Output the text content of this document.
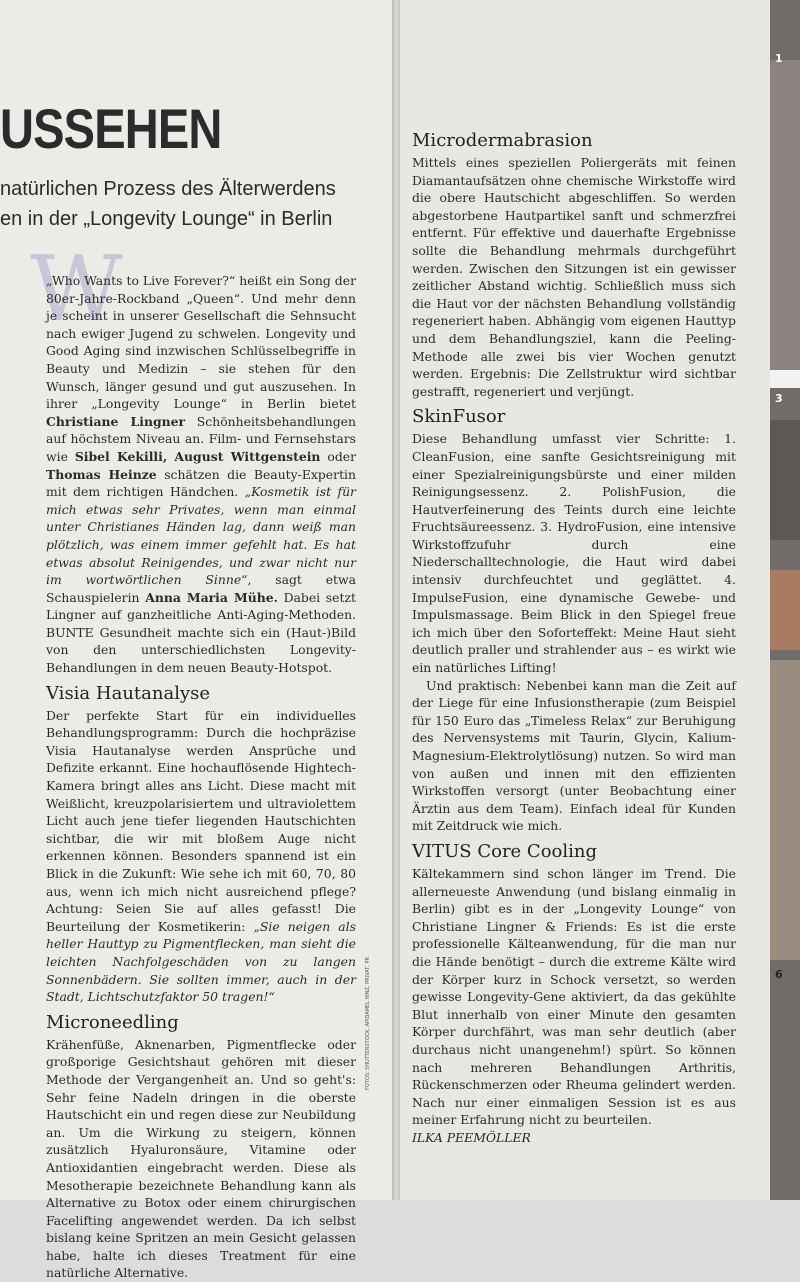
1
3
6
USSEHEN
natürlichen Prozess des Älterwerdens
en in der „Longevity Lounge“ in Berlin
W

„Who Wants to Live Forever?“ heißt ein Song der 80er-Jahre-Rockband „Queen“. Und mehr denn je scheint in unserer Gesellschaft die Sehnsucht nach ewiger Jugend zu schwelen. Longevity und Good Aging sind inzwischen Schlüsselbegriffe in Beauty und Medizin – sie stehen für den Wunsch, länger gesund und gut auszusehen. In ihrer „Longevity Lounge“ in Berlin bietet Christiane Lingner Schönheitsbehandlungen auf höchstem Niveau an. Film- und Fernsehstars wie Sibel Kekilli, August Wittgenstein oder Thomas Heinze schätzen die Beauty-Expertin mit dem richtigen Händchen. „Kosmetik ist für mich etwas sehr Privates, wenn man einmal unter Christianes Händen lag, dann weiß man plötzlich, was einem immer gefehlt hat. Es hat etwas absolut Reinigendes, und zwar nicht nur im wortwörtlichen Sinne“, sagt etwa Schauspielerin Anna Maria Mühe. Dabei setzt Lingner auf ganzheitliche Anti-Aging-Methoden. BUNTE Gesundheit machte sich ein (Haut-)Bild von den unterschiedlichsten Longevity-Behandlungen in dem neuen Beauty-Hotspot.

Visia Hautanalyse

Der perfekte Start für ein individuelles Behandlungsprogramm: Durch die hochpräzise Visia Hautanalyse werden Ansprüche und Defizite erkannt. Eine hochauflösende Hightech-Kamera bringt alles ans Licht. Diese macht mit Weißlicht, kreuzpolarisiertem und ultraviolettem Licht auch jene tiefer liegenden Hautschichten sichtbar, die wir mit bloßem Auge nicht erkennen können. Besonders spannend ist ein Blick in die Zukunft: Wie sehe ich mit 60, 70, 80 aus, wenn ich mich nicht ausreichend pflege? Achtung: Seien Sie auf alles gefasst! Die Beurteilung der Kosmetikerin: „Sie neigen als heller Hauttyp zu Pigmentflecken, man sieht die leichten Nachfolgeschäden von zu langen Sonnenbädern. Sie sollten immer, auch in der Stadt, Lichtschutzfaktor 50 tragen!“

Microneedling

Krähenfüße, Aknenarben, Pigmentflecke oder großporige Gesichtshaut gehören mit dieser Methode der Vergangenheit an. Und so geht's: Sehr feine Nadeln dringen in die oberste Hautschicht ein und regen diese zur Neubildung an. Um die Wirkung zu steigern, können zusätzlich Hyaluronsäure, Vitamine oder Antioxidantien eingebracht werden. Diese als Mesotherapie bezeichnete Behandlung kann als Alternative zu Botox oder einem chirurgischen Facelifting angewendet werden. Da ich selbst bislang keine Spritzen an mein Gesicht gelassen habe, halte ich dieses Treatment für eine natürliche Alternative.

FOTOS: SHUTTERSTOCK, APIDAMEL HINZ, PRIVAT, PR
Microdermabrasion

Mittels eines speziellen Poliergeräts mit feinen Diamantaufsätzen ohne chemische Wirkstoffe wird die obere Hautschicht abgeschliffen. So werden abgestorbene Hautpartikel sanft und schmerzfrei entfernt. Für effektive und dauerhafte Ergebnisse sollte die Behandlung mehrmals durchgeführt werden. Zwischen den Sitzungen ist ein gewisser zeitlicher Abstand wichtig. Schließlich muss sich die Haut vor der nächsten Behandlung vollständig regeneriert haben. Abhängig vom eigenen Hauttyp und dem Behandlungsziel, kann die Peeling-Methode alle zwei bis vier Wochen genutzt werden. Ergebnis: Die Zellstruktur wird sichtbar gestrafft, regeneriert und verjüngt.

SkinFusor

Diese Behandlung umfasst vier Schritte: 1. CleanFusion, eine sanfte Gesichtsreinigung mit einer Spezialreinigungsbürste und einer milden Reinigungsessenz. 2. PolishFusion, die Hautverfeinerung des Teints durch eine leichte Fruchtsäureessenz. 3. HydroFusion, eine intensive Wirkstoffzufuhr durch eine Niederschalltechnologie, die Haut wird dabei intensiv durchfeuchtet und geglättet. 4. ImpulseFusion, eine dynamische Gewebe- und Impulsmassage. Beim Blick in den Spiegel freue ich mich über den Soforteffekt: Meine Haut sieht deutlich praller und strahlender aus – es wirkt wie ein natürliches Lifting!

Und praktisch: Nebenbei kann man die Zeit auf der Liege für eine Infusionstherapie (zum Beispiel für 150 Euro das „Timeless Relax“ zur Beruhigung des Nervensystems mit Taurin, Glycin, Kalium-Magnesium-Elektrolytlösung) nutzen. So wird man von außen und innen mit den effizienten Wirkstoffen versorgt (unter Beobachtung einer Ärztin aus dem Team). Einfach ideal für Kunden mit Zeitdruck wie mich.

VITUS Core Cooling

Kältekammern sind schon länger im Trend. Die allerneueste Anwendung (und bislang einmalig in Berlin) gibt es in der „Longevity Lounge“ von Christiane Lingner & Friends: Es ist die erste professionelle Kälteanwendung, für die man nur die Hände benötigt – durch die extreme Kälte wird der Körper kurz in Schock versetzt, so werden gewisse Longevity-Gene aktiviert, da das gekühlte Blut innerhalb von einer Minute den gesamten Körper durchfährt, was man sehr deutlich (aber durchaus nicht unangenehm!) spürt. So können nach mehreren Behandlungen Arthritis, Rückenschmerzen oder Rheuma gelindert werden. Nach nur einer einmaligen Session ist es aus meiner Erfahrung nicht zu beurteilen.

ILKA PEEMÖLLER
